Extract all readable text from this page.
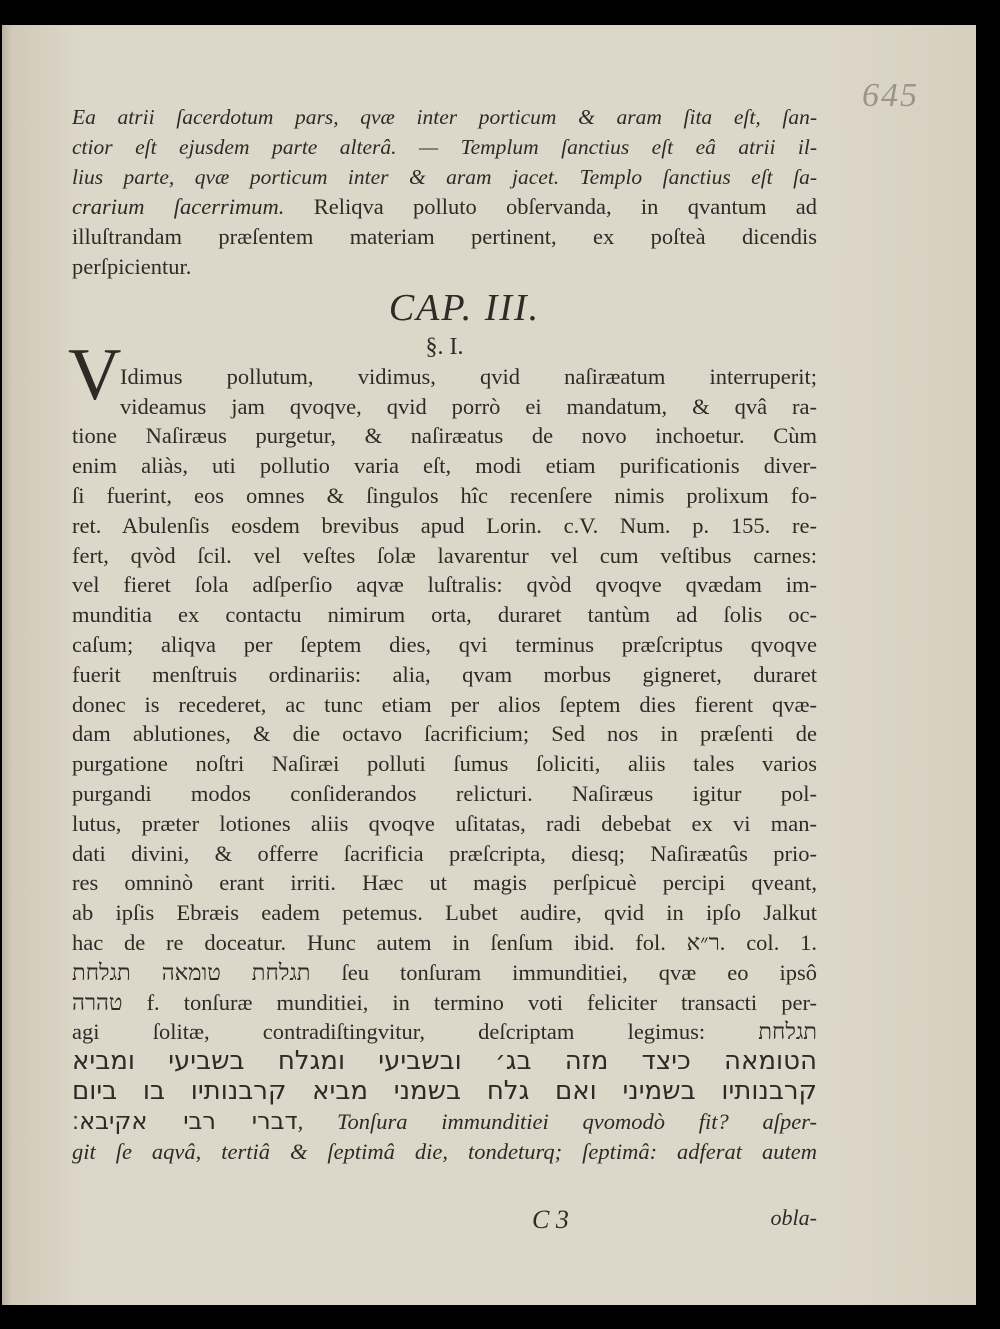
645
Ea atrii ſacerdotum pars, qvæ inter porticum & aram ſita eſt, ſan-
ctior eſt ejusdem parte alterâ. — Templum ſanctius eſt eâ atrii il-
lius parte, qvæ porticum inter & aram jacet. Templo ſanctius eſt ſa-
crarium ſacerrimum. Reliqva polluto obſervanda, in qvantum ad
illuſtrandam præſentem materiam pertinent, ex poſteà dicendis
perſpicientur.
CAP. III.
§. I.
Idimus pollutum, vidimus, qvid naſiræatum interruperit;
videamus jam qvoqve, qvid porrò ei mandatum, & qvâ ra-
tione Naſiræus purgetur, & naſiræatus de novo inchoetur. Cùm
enim aliàs, uti pollutio varia eſt, modi etiam purificationis diver-
ſi fuerint, eos omnes & ſingulos hîc recenſere nimis prolixum fo-
ret. Abulenſis eosdem brevibus apud Lorin. c.V. Num. p. 155. re-
fert, qvòd ſcil. vel veſtes ſolæ lavarentur vel cum veſtibus carnes:
vel fieret ſola adſperſio aqvæ luſtralis: qvòd qvoqve qvædam im-
munditia ex contactu nimirum orta, duraret tantùm ad ſolis oc-
caſum; aliqva per ſeptem dies, qvi terminus præſcriptus qvoqve
fuerit menſtruis ordinariis: alia, qvam morbus gigneret, duraret
donec is recederet, ac tunc etiam per alios ſeptem dies fierent qvæ-
dam ablutiones, & die octavo ſacrificium; Sed nos in præſenti de
purgatione noſtri Naſiræi polluti ſumus ſoliciti, aliis tales varios
purgandi modos conſiderandos relicturi. Naſiræus igitur pol-
lutus, præter lotiones aliis qvoqve uſitatas, radi debebat ex vi man-
dati divini, & offerre ſacrificia præſcripta, diesq; Naſiræatûs prio-
res omninò erant irriti. Hæc ut magis perſpicuè percipi qveant,
ab ipſis Ebræis eadem petemus. Lubet audire, qvid in ipſo Jalkut
hac de re doceatur. Hunc autem in ſenſum ibid. fol. ר״א. col. 1.
תגלחת טומאה תגלחת ſeu tonſuram immunditiei, qvæ eo ipsô
טהרה f. tonſuræ munditiei, in termino voti feliciter transacti per-
agi ſolitæ, contradiſtingvitur, deſcriptam legimus: תגלחת
הטומאה כיצד מזה בג׳ ובשביעי ומגלח בשביעי ומביא
קרבנותיו בשמיני ואם גלח בשמני מביא קרבנותיו בו ביום
דברי רבי אקיבא׃, Tonſura immunditiei qvomodò fit? aſper-
git ſe aqvâ, tertiâ & ſeptimâ die, tondeturq; ſeptimâ: adferat autem
C 3	obla-
V
